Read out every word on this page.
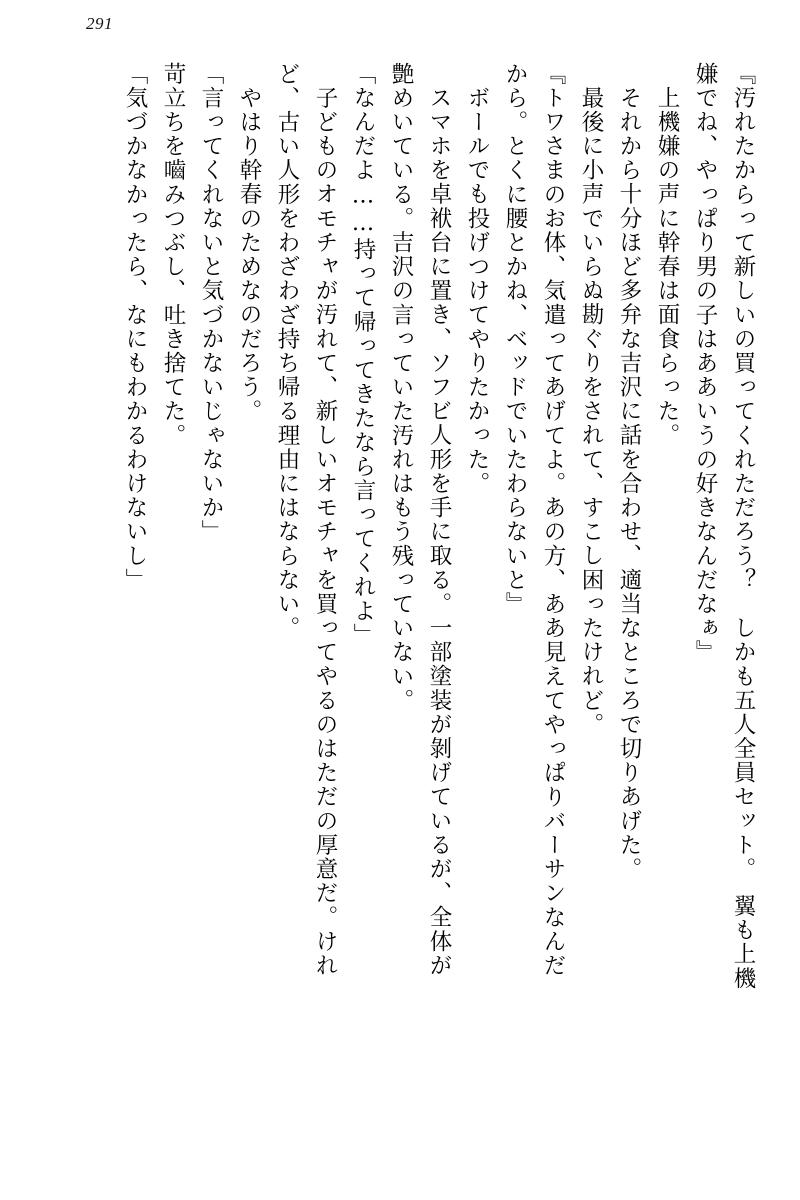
291
『汚れたからって新しいの買ってくれただろう？　しかも五人全員セット。　翼も上機
嫌でね、やっぱり男の子はああいうの好きなんだなぁ』
上機嫌の声に幹春は面食らった。
それから十分ほど多弁な吉沢に話を合わせ、適当なところで切りあげた。
最後に小声でいらぬ勘ぐりをされて、すこし困ったけれど。
『トワさまのお体、気遣ってあげてよ。あの方、ああ見えてやっぱりバーサンなんだ
から。とくに腰とかね、ベッドでいたわらないと』
ボールでも投げつけてやりたかった。
スマホを卓袱台に置き、ソフビ人形を手に取る。一部塗装が剝げているが、全体が
艶めいている。吉沢の言っていた汚れはもう残っていない。
「なんだよ……持って帰ってきたなら言ってくれよ」
子どものオモチャが汚れて、新しいオモチャを買ってやるのはただの厚意だ。けれ
ど、古い人形をわざわざ持ち帰る理由にはならない。
やはり幹春のためなのだろう。
「言ってくれないと気づかないじゃないか」
苛立ちを嚙みつぶし、吐き捨てた。
「気づかなかったら、なにもわかるわけないし」
